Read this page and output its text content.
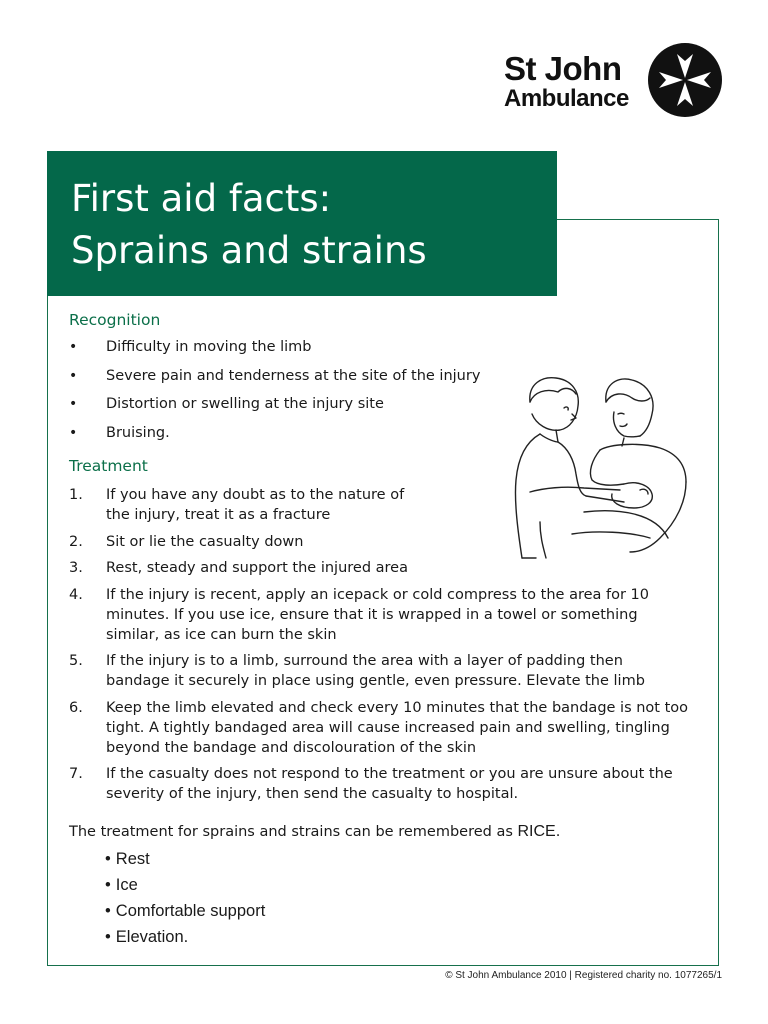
St John
Ambulance
First aid facts:
Sprains and strains
Recognition
• Difficulty in moving the limb
• Severe pain and tenderness at the site of the injury
• Distortion or swelling at the injury site
• Bruising.
Treatment
1. If you have any doubt as to the nature of the injury, treat it as a fracture
2. Sit or lie the casualty down
3. Rest, steady and support the injured area
4. If the injury is recent, apply an icepack or cold compress to the area for 10 minutes. If you use ice, ensure that it is wrapped in a towel or something similar, as ice can burn the skin
5. If the injury is to a limb, surround the area with a layer of padding then bandage it securely in place using gentle, even pressure. Elevate the limb
6. Keep the limb elevated and check every 10 minutes that the bandage is not too tight. A tightly bandaged area will cause increased pain and swelling, tingling beyond the bandage and discolouration of the skin
7. If the casualty does not respond to the treatment or you are unsure about the severity of the injury, then send the casualty to hospital.

The treatment for sprains and strains can be remembered as RICE.

• Rest
• Ice
• Comfortable support
• Elevation.
© St John Ambulance 2010 | Registered charity no. 1077265/1
